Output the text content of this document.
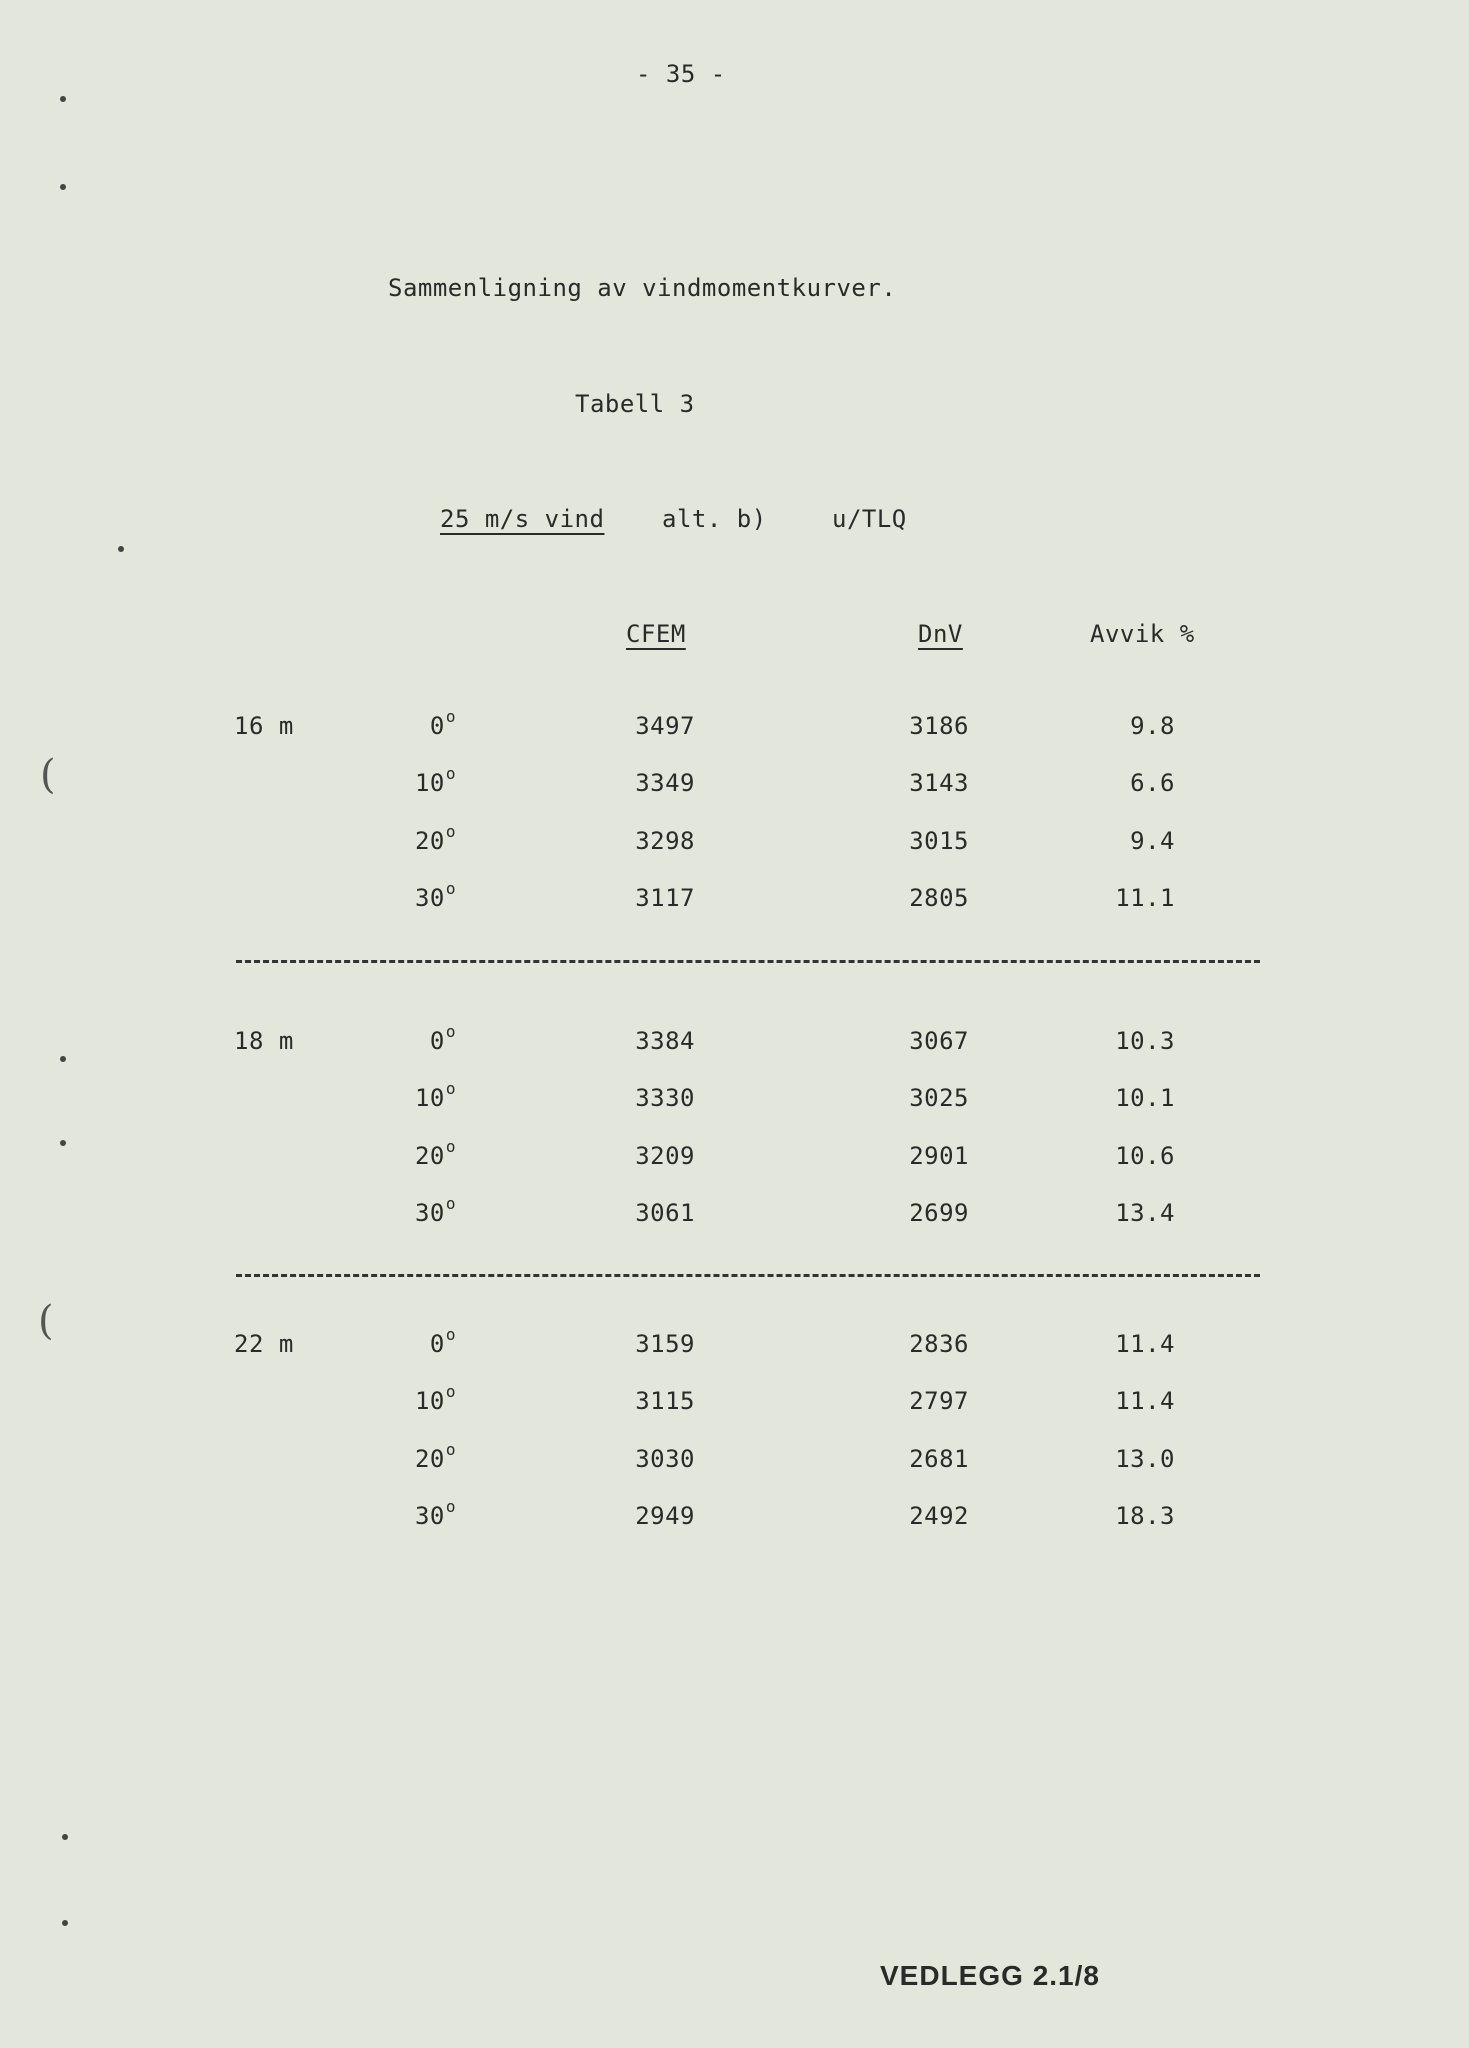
- 35 -
Sammenligning av vindmomentkurver.
Tabell 3
25 m/s vind alt. b)	u/TLQ
CFEM	DnV	Avvik %
16 m	0$^o$	3497	3186	9.8
10$^o$	3349	3143	6.6
20$^o$	3298	3015	9.4
30$^o$	3117	2805	11.1
18 m	0$^o$	3384	3067	10.3
10$^o$	3330	3025	10.1
20$^o$	3209	2901	10.6
30$^o$	3061	2699	13.4
22 m	0$^o$	3159	2836	11.4
10$^o$	3115	2797	11.4
20$^o$	3030	2681	13.0
30$^o$	2949	2492	18.3
VEDLEGG 2.1/8
(
(
